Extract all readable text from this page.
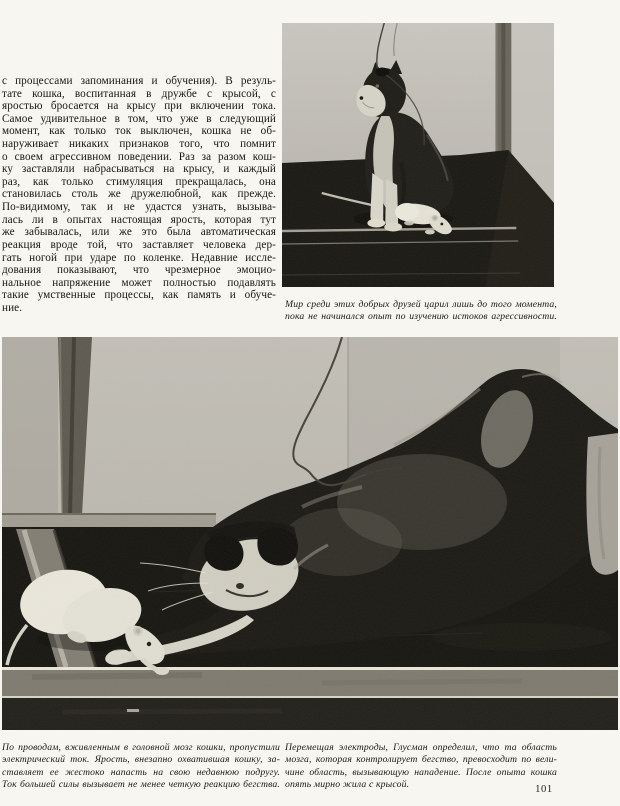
с процессами запоминания и обучения). В резуль-
тате кошка, воспитанная в дружбе с крысой, с
яростью бросается на крысу при включении тока.
Самое удивительное в том, что уже в следующий
момент, как только ток выключен, кошка не об-
наруживает никаких признаков того, что помнит
о своем агрессивном поведении. Раз за разом кош-
ку заставляли набрасываться на крысу, и каждый
раз, как только стимуляция прекращалась, она
становилась столь же дружелюбной, как прежде.
По-видимому, так и не удастся узнать, вызыва-
лась ли в опытах настоящая ярость, которая тут
же забывалась, или же это была автоматическая
реакция вроде той, что заставляет человека дер-
гать ногой при ударе по коленке. Недавние иссле-
дования показывают, что чрезмерное эмоцио-
нальное напряжение может полностью подавлять
такие умственные процессы, как память и обуче-
ние.	Мир среди этих добрых друзей царил лишь до того момента,
пока не начинался опыт по изучению истоков агрессивности.
По проводам, вживленным в головной мозг кошки, пропустили
электрический ток. Ярость, внезапно охватившая кошку, за-
ставляет ее жестоко напасть на свою недавнюю подругу.
Ток большей силы вызывает не менее четкую реакцию бегства.
Перемещая электроды, Глусман определил, что та область
мозга, которая контролирует бегство, превосходит по вели-
чине область, вызывающую нападение. После опыта кошка
опять мирно жила с крысой.	101
